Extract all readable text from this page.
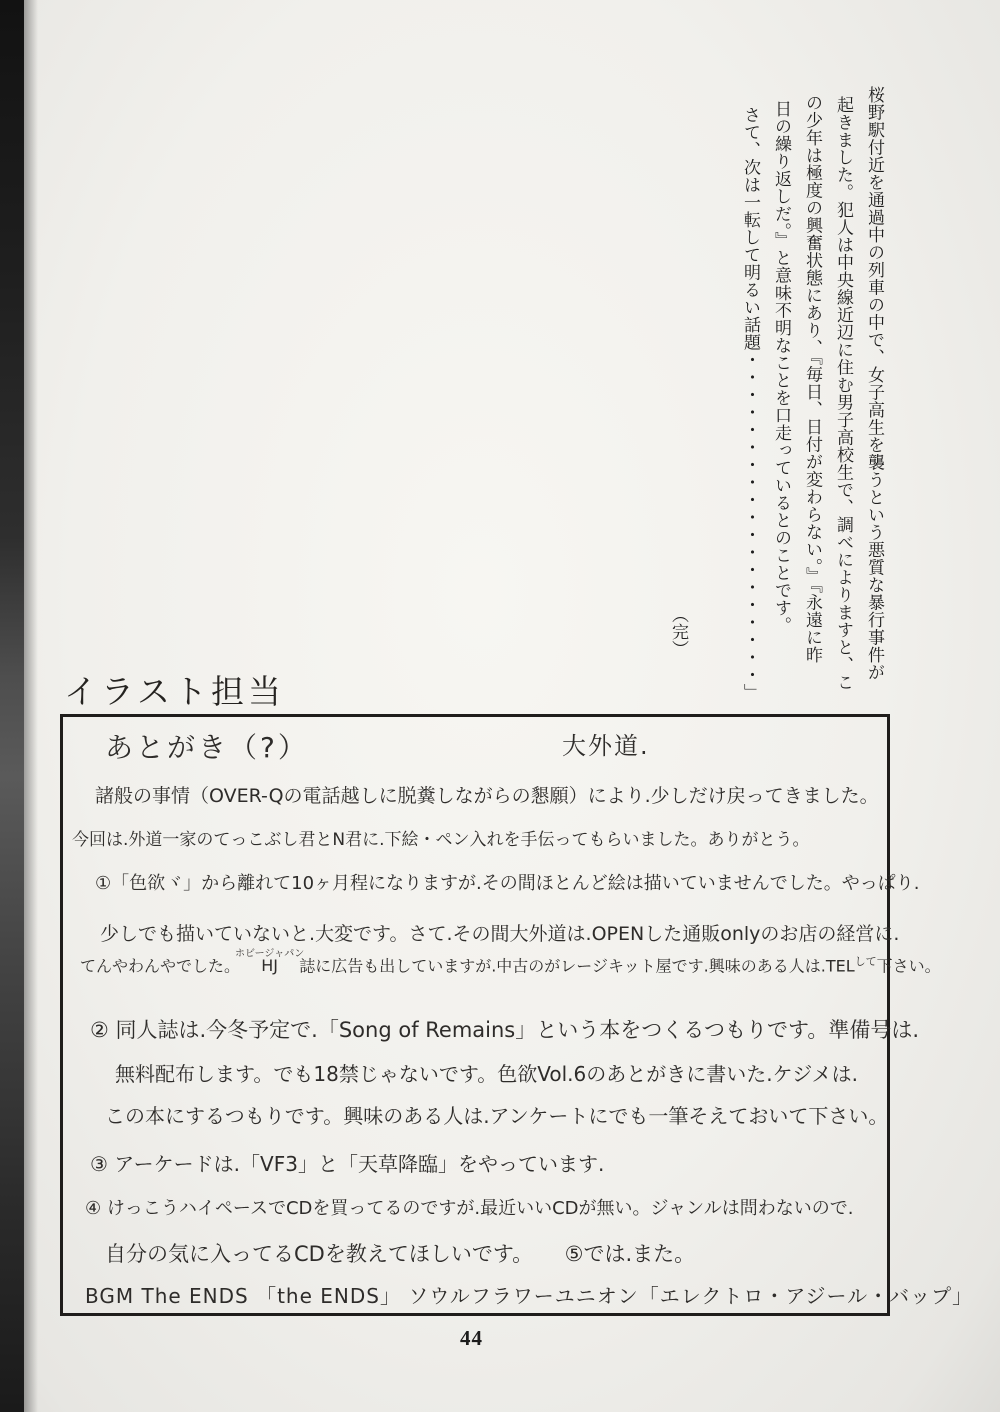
桜野駅付近を通過中の列車の中で、女子高生を襲うという悪質な暴行事件が
起きました。犯人は中央線近辺に住む男子高校生で、調べによりますと、こ
の少年は極度の興奮状態にあり、『毎日、日付が変わらない。』『永遠に昨
日の繰り返しだ。』と意味不明なことを口走っているとのことです。
さて、次は一転して明るい話題・・・・・・・・・・・・・・・・・・・」
（完）
イラスト担当
あとがき（?）	大外道.
諸般の事情（OVER-Qの電話越しに脱糞しながらの懇願）により.少しだけ戻ってきました。
今回は.外道一家のてっこぶし君とN君に.下絵・ペン入れを手伝ってもらいました。ありがとう。
①「色欲ヾ」から離れて10ヶ月程になりますが.その間ほとんど絵は描いていませんでした。やっぱり.
少しでも描いていないと.大変です。さて.その間大外道は.OPENした通販onlyのお店の経営に.
てんやわんやでした。HJホビージャパン誌に広告も出していますが.中古のがレージキット屋です.興味のある人は$.TEL^{して}$下さい。
② 同人誌は.今冬予定で.「Song of Remains」という本をつくるつもりです。準備号は.
無料配布します。でも18禁じゃないです。色欲Vol.6のあとがきに書いた.ケジメは.
この本にするつもりです。興味のある人は.アンケートにでも一筆そえておいて下さい。
③ アーケードは.「VF3」と「天草降臨」をやっています.
④ けっこうハイペースでCDを買ってるのですが.最近いいCDが無い。ジャンルは問わないので.
自分の気に入ってるCDを教えてほしいです。　　⑤では.また。
BGM The ENDS 「the ENDS」 ソウルフラワーユニオン「エレクトロ・アジール・バップ」
44
